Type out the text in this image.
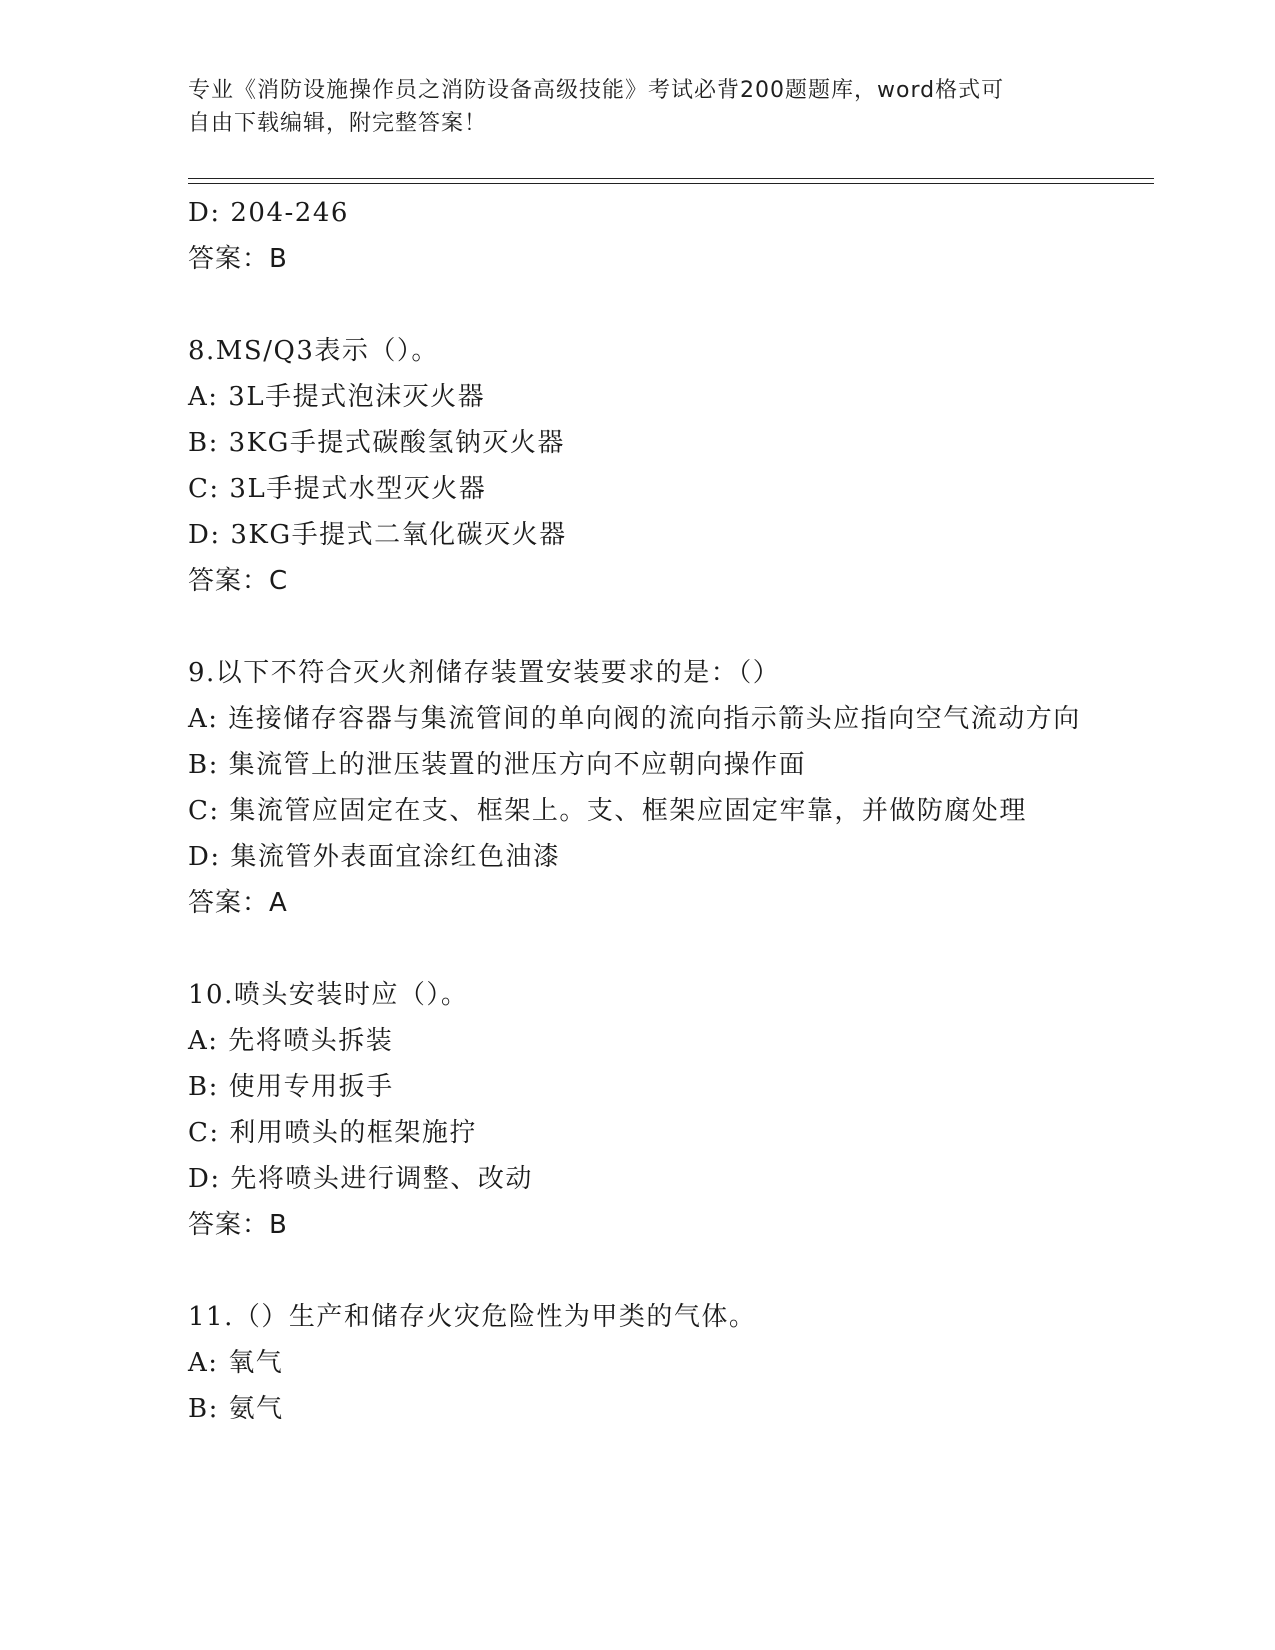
专业《消防设施操作员之消防设备高级技能》考试必背200题题库，word格式可
自由下载编辑，附完整答案！
D: 204-246
答案：B
8.MS/Q3表示（）。
A: 3L手提式泡沫灭火器
B: 3KG手提式碳酸氢钠灭火器
C: 3L手提式水型灭火器
D: 3KG手提式二氧化碳灭火器
答案：C
9.以下不符合灭火剂储存装置安装要求的是：（）
A: 连接储存容器与集流管间的单向阀的流向指示箭头应指向空气流动方向
B: 集流管上的泄压装置的泄压方向不应朝向操作面
C: 集流管应固定在支、框架上。支、框架应固定牢靠，并做防腐处理
D: 集流管外表面宜涂红色油漆
答案：A
10.喷头安装时应（）。
A: 先将喷头拆装
B: 使用专用扳手
C: 利用喷头的框架施拧
D: 先将喷头进行调整、改动
答案：B
11.（）生产和储存火灾危险性为甲类的气体。
A: 氧气
B: 氨气
